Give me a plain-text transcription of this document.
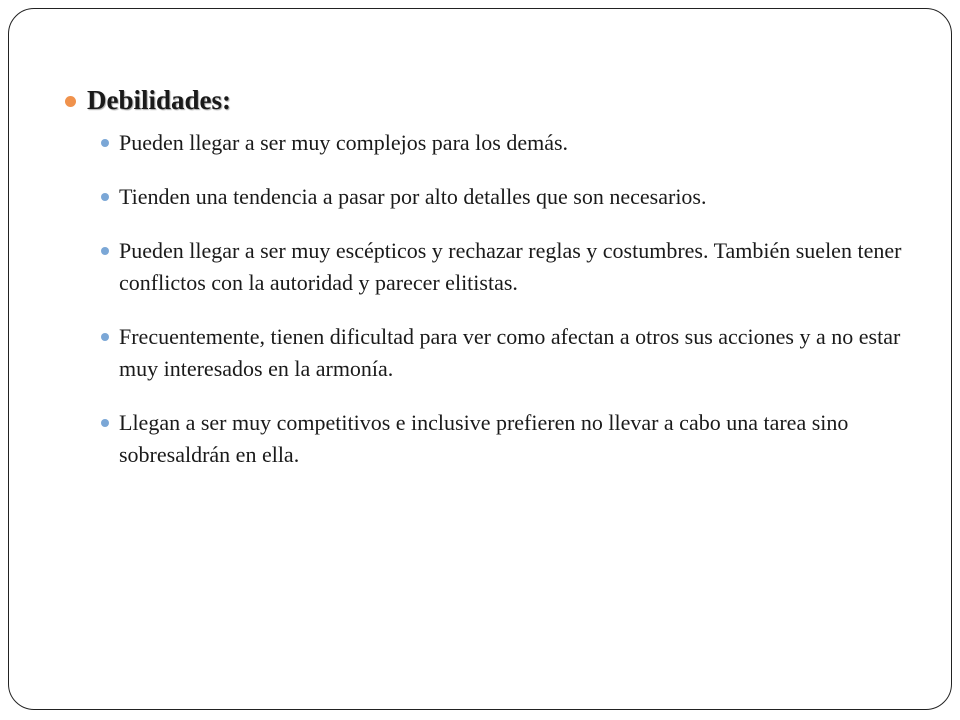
Debilidades:
Pueden llegar a ser muy complejos para los demás.
Tienden una tendencia a pasar por alto detalles que son necesarios.
Pueden llegar a ser muy escépticos y rechazar reglas y costumbres. También suelen tener conflictos con la autoridad y parecer elitistas.
Frecuentemente, tienen dificultad para ver como afectan a otros sus acciones y a no estar muy interesados en la armonía.
Llegan a ser muy competitivos e inclusive prefieren no llevar a cabo una tarea sino sobresaldrán en ella.
